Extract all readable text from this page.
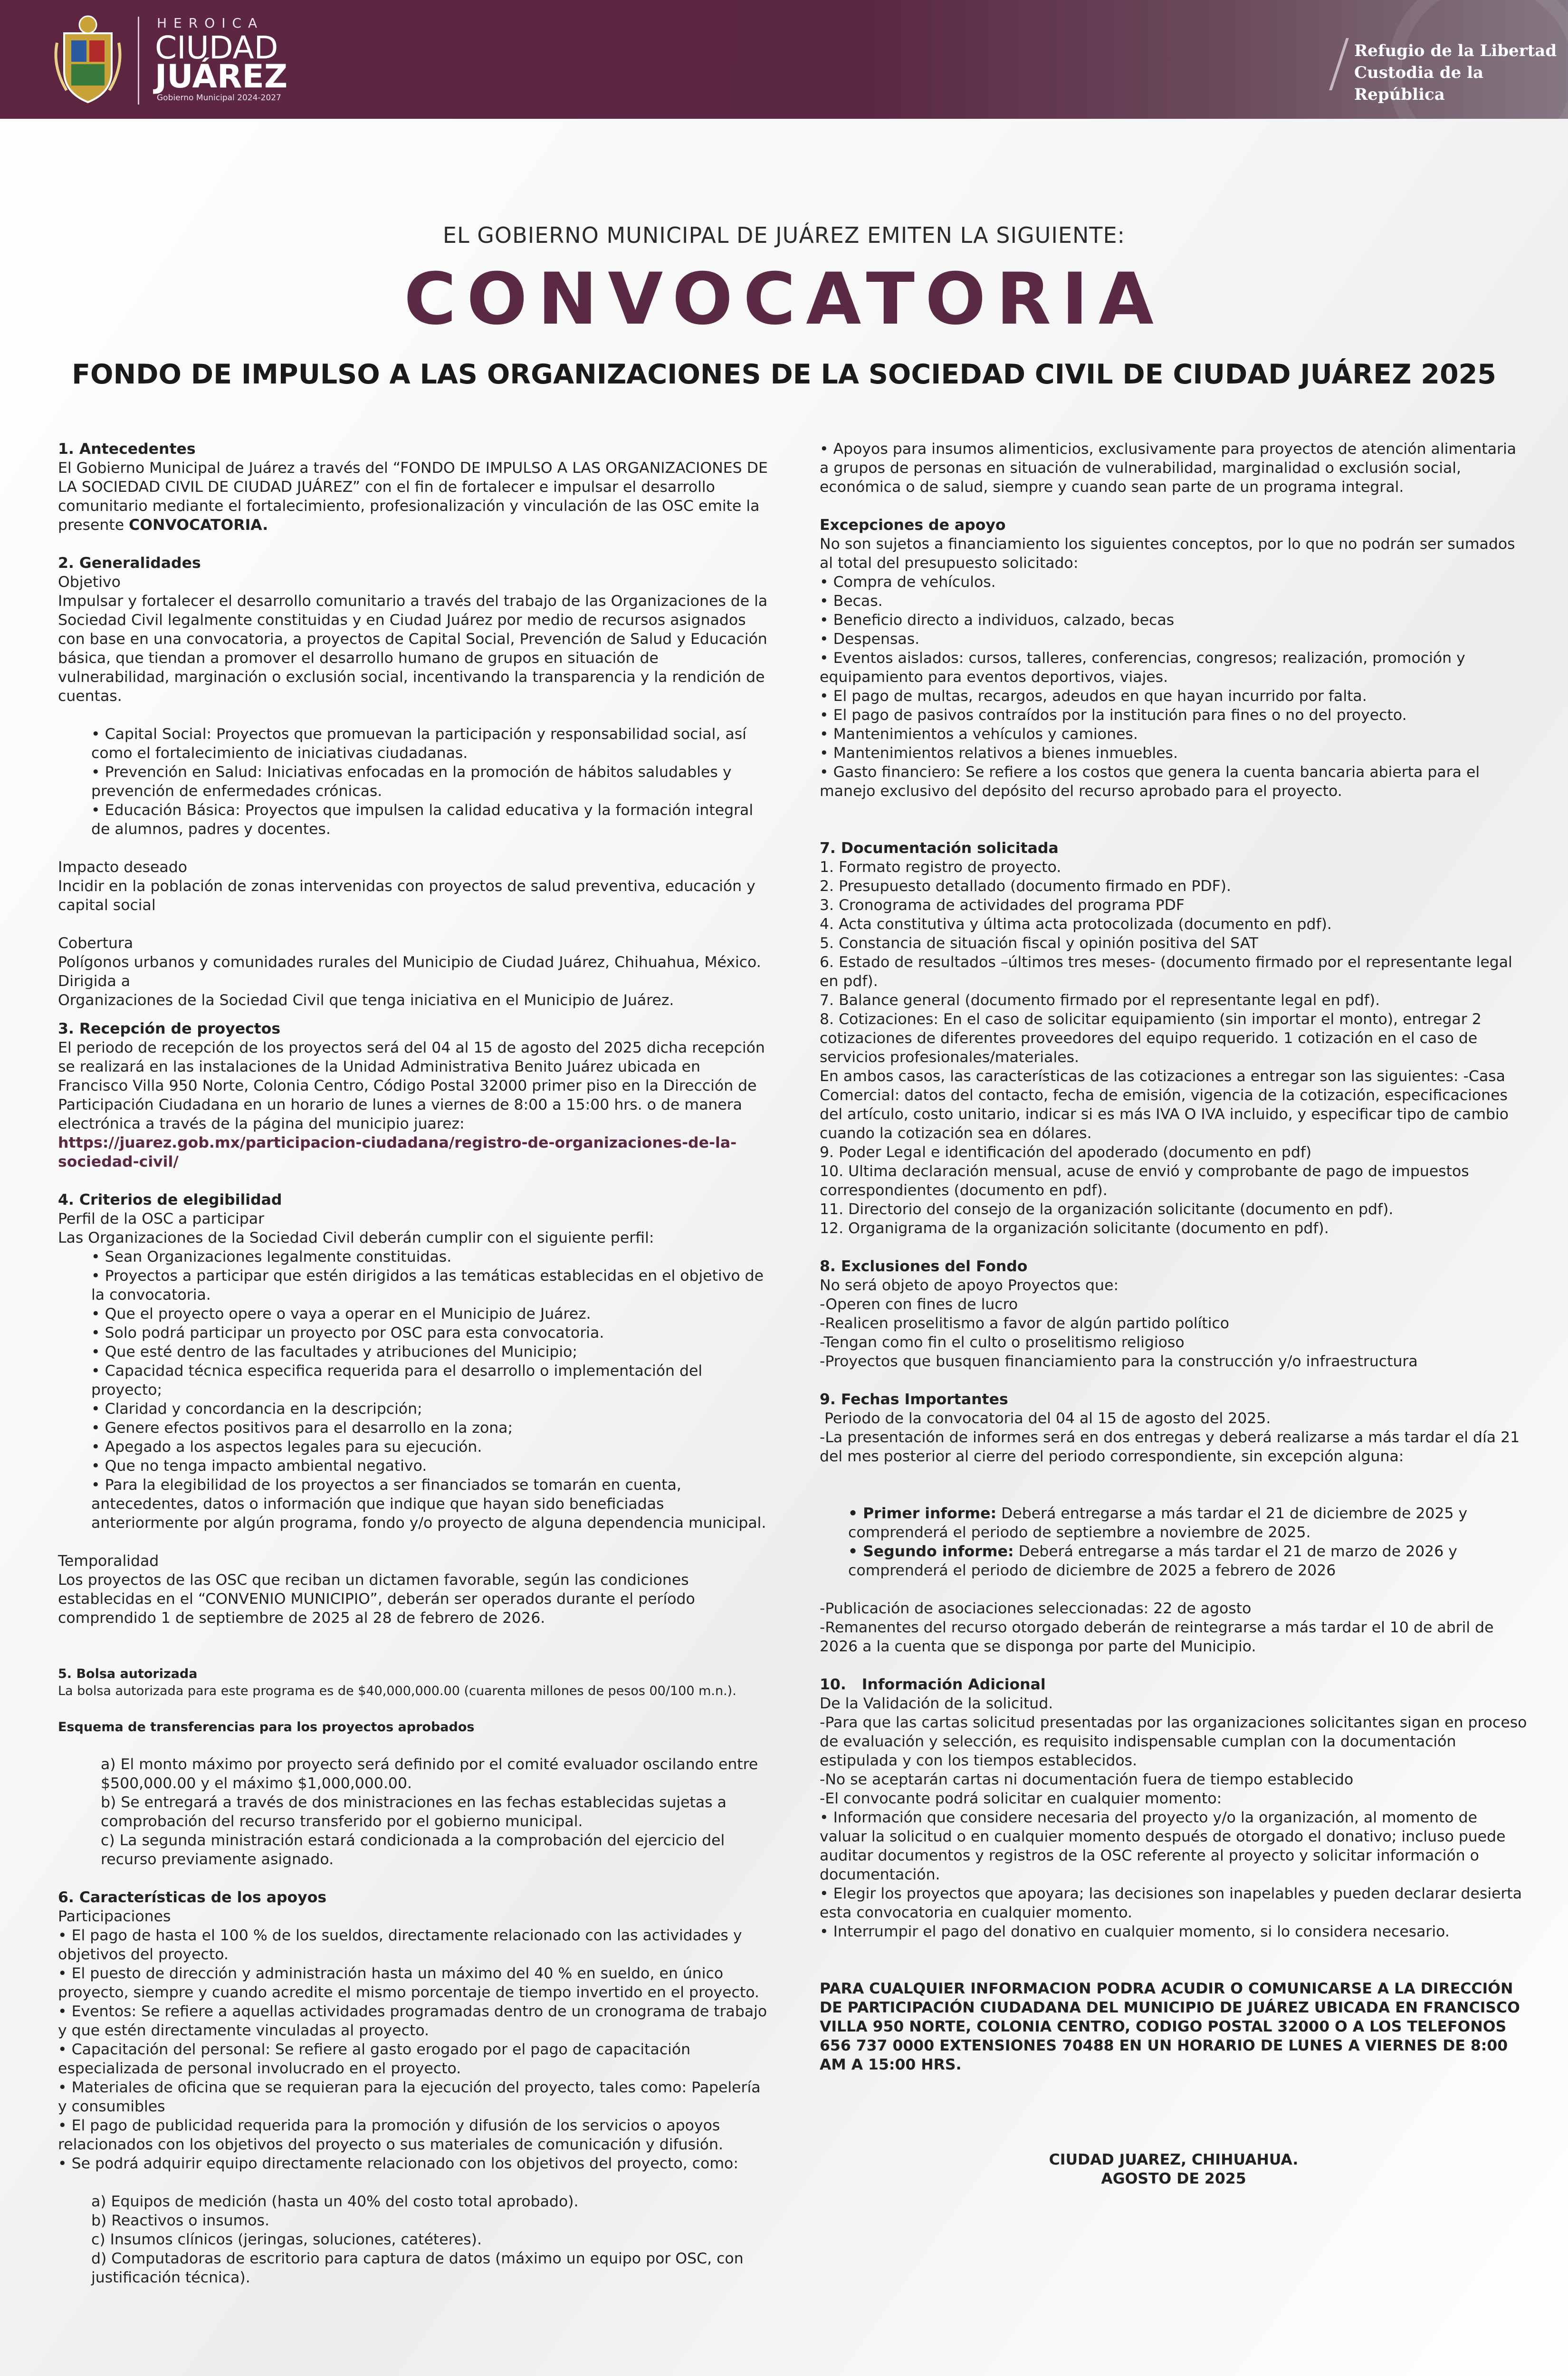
HEROICA
CIUDAD
JUÁREZ
Gobierno Municipal 2024-2027
Refugio de la Libertad
Custodia de la República
EL GOBIERNO MUNICIPAL DE JUÁREZ EMITEN LA SIGUIENTE:
CONVOCATORIA
FONDO DE IMPULSO A LAS ORGANIZACIONES DE LA SOCIEDAD CIVIL DE CIUDAD JUÁREZ 2025
1. Antecedentes

El Gobierno Municipal de Juárez a través del “FONDO DE IMPULSO A LAS ORGANIZACIONES DE LA SOCIEDAD CIVIL DE CIUDAD JUÁREZ” con el fin de fortalecer e impulsar el desarrollo comunitario mediante el fortalecimiento, profesionalización y vinculación de las OSC emite la presente CONVOCATORIA.

2. Generalidades
Objetivo

Impulsar y fortalecer el desarrollo comunitario a través del trabajo de las Organizaciones de la Sociedad Civil legalmente constituidas y en Ciudad Juárez por medio de recursos asignados con base en una convocatoria, a proyectos de Capital Social, Prevención de Salud y Educación básica, que tiendan a promover el desarrollo humano de grupos en situación de vulnerabilidad, marginación o exclusión social, incentivando la transparencia y la rendición de cuentas.

• Capital Social: Proyectos que promuevan la participación y responsabilidad social, así como el fortalecimiento de iniciativas ciudadanas.

• Prevención en Salud: Iniciativas enfocadas en la promoción de hábitos saludables y prevención de enfermedades crónicas.

• Educación Básica: Proyectos que impulsen la calidad educativa y la formación integral de alumnos, padres y docentes.

Impacto deseado

Incidir en la población de zonas intervenidas con proyectos de salud preventiva, educación y capital social

Cobertura

Polígonos urbanos y comunidades rurales del Municipio de Ciudad Juárez, Chihuahua, México.

Dirigida a

Organizaciones de la Sociedad Civil que tenga iniciativa en el Municipio de Juárez.

3. Recepción de proyectos

El periodo de recepción de los proyectos será del 04 al 15 de agosto del 2025 dicha recepción se realizará en las instalaciones de la Unidad Administrativa Benito Juárez ubicada en Francisco Villa 950 Norte, Colonia Centro, Código Postal 32000 primer piso en la Dirección de Participación Ciudadana en un horario de lunes a viernes de 8:00 a 15:00 hrs. o de manera electrónica a través de la página del municipio juarez: https://juarez.gob.mx/participacion-ciudadana/registro-de-organizaciones-de-la-sociedad-civil/

4. Criterios de elegibilidad
Perfil de la OSC a participar

Las Organizaciones de la Sociedad Civil deberán cumplir con el siguiente perfil:

• Sean Organizaciones legalmente constituidas.

• Proyectos a participar que estén dirigidos a las temáticas establecidas en el objetivo de la convocatoria.

• Que el proyecto opere o vaya a operar en el Municipio de Juárez.

• Solo podrá participar un proyecto por OSC para esta convocatoria.

• Que esté dentro de las facultades y atribuciones del Municipio;

• Capacidad técnica especifica requerida para el desarrollo o implementación del proyecto;

• Claridad y concordancia en la descripción;

• Genere efectos positivos para el desarrollo en la zona;

• Apegado a los aspectos legales para su ejecución.

• Que no tenga impacto ambiental negativo.

• Para la elegibilidad de los proyectos a ser financiados se tomarán en cuenta, antecedentes, datos o información que indique que hayan sido beneficiadas anteriormente por algún programa, fondo y/o proyecto de alguna dependencia municipal.

Temporalidad

Los proyectos de las OSC que reciban un dictamen favorable, según las condiciones establecidas en el “CONVENIO MUNICIPIO”, deberán ser operados durante el período comprendido 1 de septiembre de 2025 al 28 de febrero de 2026.

5. Bolsa autorizada

La bolsa autorizada para este programa es de $40,000,000.00 (cuarenta millones de pesos 00/100 m.n.).

Esquema de transferencias para los proyectos aprobados

a) El monto máximo por proyecto será definido por el comité evaluador oscilando entre $500,000.00 y el máximo $1,000,000.00.

b) Se entregará a través de dos ministraciones en las fechas establecidas sujetas a comprobación del recurso transferido por el gobierno municipal.

c) La segunda ministración estará condicionada a la comprobación del ejercicio del recurso previamente asignado.

6. Características de los apoyos
Participaciones

• El pago de hasta el 100 % de los sueldos, directamente relacionado con las actividades y objetivos del proyecto.

• El puesto de dirección y administración hasta un máximo del 40 % en sueldo, en único proyecto, siempre y cuando acredite el mismo porcentaje de tiempo invertido en el proyecto.

• Eventos: Se refiere a aquellas actividades programadas dentro de un cronograma de trabajo y que estén directamente vinculadas al proyecto.

• Capacitación del personal: Se refiere al gasto erogado por el pago de capacitación especializada de personal involucrado en el proyecto.

• Materiales de oficina que se requieran para la ejecución del proyecto, tales como: Papelería y consumibles

• El pago de publicidad requerida para la promoción y difusión de los servicios o apoyos relacionados con los objetivos del proyecto o sus materiales de comunicación y difusión.

• Se podrá adquirir equipo directamente relacionado con los objetivos del proyecto, como:

a) Equipos de medición (hasta un 40% del costo total aprobado).

b) Reactivos o insumos.

c) Insumos clínicos (jeringas, soluciones, catéteres).

d) Computadoras de escritorio para captura de datos (máximo un equipo por OSC, con justificación técnica).

• Apoyos para insumos alimenticios, exclusivamente para proyectos de atención alimentaria a grupos de personas en situación de vulnerabilidad, marginalidad o exclusión social, económica o de salud, siempre y cuando sean parte de un programa integral.

Excepciones de apoyo

No son sujetos a financiamiento los siguientes conceptos, por lo que no podrán ser sumados al total del presupuesto solicitado:

• Compra de vehículos.

• Becas.

• Beneficio directo a individuos, calzado, becas

• Despensas.

• Eventos aislados: cursos, talleres, conferencias, congresos; realización, promoción y equipamiento para eventos deportivos, viajes.

• El pago de multas, recargos, adeudos en que hayan incurrido por falta.

• El pago de pasivos contraídos por la institución para fines o no del proyecto.

• Mantenimientos a vehículos y camiones.

• Mantenimientos relativos a bienes inmuebles.

• Gasto financiero: Se refiere a los costos que genera la cuenta bancaria abierta para el manejo exclusivo del depósito del recurso aprobado para el proyecto.

7. Documentación solicitada

1. Formato registro de proyecto.

2. Presupuesto detallado (documento firmado en PDF).

3. Cronograma de actividades del programa PDF

4. Acta constitutiva y última acta protocolizada (documento en pdf).

5. Constancia de situación fiscal y opinión positiva del SAT

6. Estado de resultados –últimos tres meses- (documento firmado por el representante legal en pdf).

7. Balance general (documento firmado por el representante legal en pdf).

8. Cotizaciones: En el caso de solicitar equipamiento (sin importar el monto), entregar 2 cotizaciones de diferentes proveedores del equipo requerido. 1 cotización en el caso de servicios profesionales/materiales.

En ambos casos, las características de las cotizaciones a entregar son las siguientes: -Casa Comercial: datos del contacto, fecha de emisión, vigencia de la cotización, especificaciones del artículo, costo unitario, indicar si es más IVA O IVA incluido, y especificar tipo de cambio cuando la cotización sea en dólares.

9. Poder Legal e identificación del apoderado (documento en pdf)

10. Ultima declaración mensual, acuse de envió y comprobante de pago de impuestos correspondientes (documento en pdf).

11. Directorio del consejo de la organización solicitante (documento en pdf).

12. Organigrama de la organización solicitante (documento en pdf).

8. Exclusiones del Fondo

No será objeto de apoyo Proyectos que:

-Operen con fines de lucro

-Realicen proselitismo a favor de algún partido político

-Tengan como fin el culto o proselitismo religioso

-Proyectos que busquen financiamiento para la construcción y/o infraestructura

9. Fechas Importantes

Periodo de la convocatoria del 04 al 15 de agosto del 2025.

-La presentación de informes será en dos entregas y deberá realizarse a más tardar el día 21 del mes posterior al cierre del periodo correspondiente, sin excepción alguna:

• Primer informe: Deberá entregarse a más tardar el 21 de diciembre de 2025 y comprenderá el periodo de septiembre a noviembre de 2025.

• Segundo informe: Deberá entregarse a más tardar el 21 de marzo de 2026 y comprenderá el periodo de diciembre de 2025 a febrero de 2026

-Publicación de asociaciones seleccionadas: 22 de agosto

-Remanentes del recurso otorgado deberán de reintegrarse a más tardar el 10 de abril de 2026 a la cuenta que se disponga por parte del Municipio.

10.   Información Adicional

De la Validación de la solicitud.

-Para que las cartas solicitud presentadas por las organizaciones solicitantes sigan en proceso de evaluación y selección, es requisito indispensable cumplan con la documentación estipulada y con los tiempos establecidos.

-No se aceptarán cartas ni documentación fuera de tiempo establecido

-El convocante podrá solicitar en cualquier momento:

• Información que considere necesaria del proyecto y/o la organización, al momento de valuar la solicitud o en cualquier momento después de otorgado el donativo; incluso puede auditar documentos y registros de la OSC referente al proyecto y solicitar información o documentación.

• Elegir los proyectos que apoyara; las decisiones son inapelables y pueden declarar desierta esta convocatoria en cualquier momento.

• Interrumpir el pago del donativo en cualquier momento, si lo considera necesario.

PARA CUALQUIER INFORMACION PODRA ACUDIR O COMUNICARSE A LA DIRECCIÓN DE PARTICIPACIÓN CIUDADANA DEL MUNICIPIO DE JUÁREZ UBICADA EN FRANCISCO VILLA 950 NORTE, COLONIA CENTRO, CODIGO POSTAL 32000 O A LOS TELEFONOS 656 737 0000 EXTENSIONES 70488 EN UN HORARIO DE LUNES A VIERNES DE 8:00 AM A 15:00 HRS.

CIUDAD JUAREZ, CHIHUAHUA.

AGOSTO DE 2025
